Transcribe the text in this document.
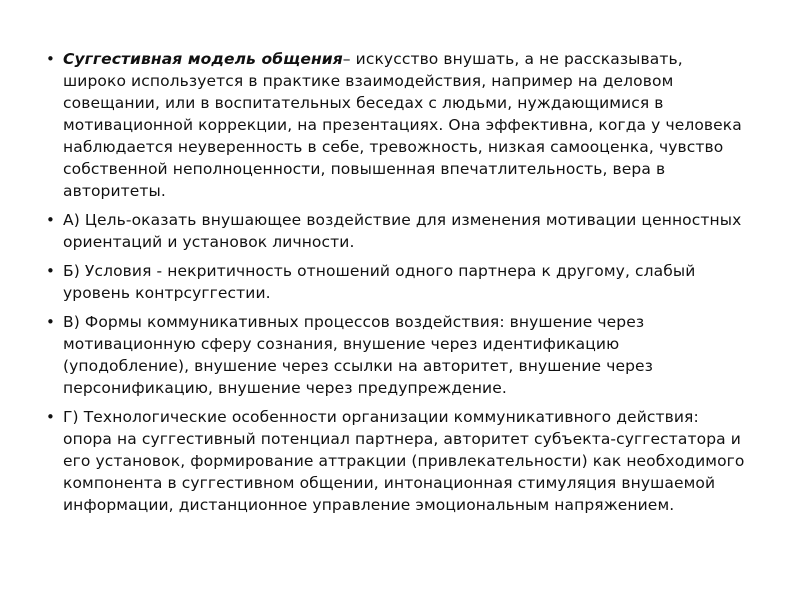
• Суггестивная модель общения– искусство внушать, а не рассказывать, широко используется в практике взаимодействия, например на деловом совещании, или в воспитательных беседах с людьми, нуждающимися в мотивационной коррекции, на презентациях. Она эффективна, когда у человека наблюдается неуверенность в себе, тревожность, низкая самооценка, чувство собственной неполноценности, повышенная впечатлительность, вера в авторитеты.
• А) Цель-оказать внушающее воздействие для изменения мотивации ценностных ориентаций и установок личности.
• Б) Условия - некритичность отношений одного партнера к другому, слабый уровень контрсуггестии.
• В) Формы коммуникативных процессов воздействия: внушение через мотивационную сферу сознания, внушение через идентификацию (уподобление), внушение через ссылки на авторитет, внушение через персонификацию, внушение через предупреждение.
• Г) Технологические особенности организации коммуникативного действия: опора на суггестивный потенциал партнера, авторитет субъекта-суггестатора и его установок, формирование аттракции (привлекательности) как необходимого компонента в суггестивном общении, интонационная стимуляция внушаемой информации, дистанционное управление эмоциональным напряжением.
